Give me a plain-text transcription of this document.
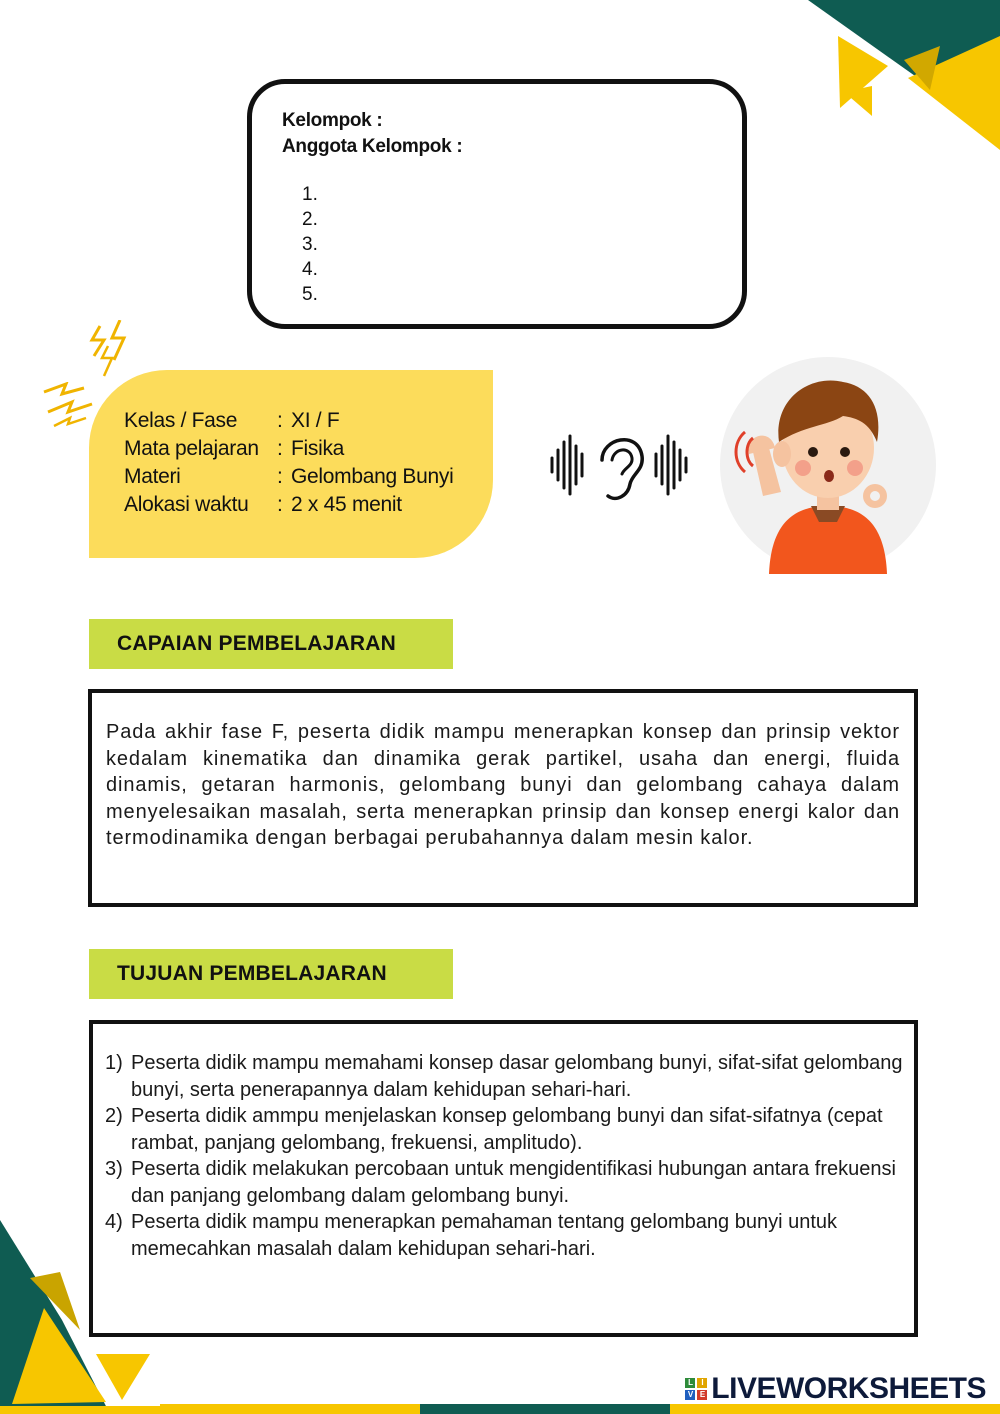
Kelompok :
Anggota Kelompok :
1.
2.
3.
4.
5.
Kelas / Fase : XI / F
Mata pelajaran : Fisika
Materi	: Gelombang Bunyi
Alokasi waktu : 2 x 45 menit
CAPAIAN PEMBELAJARAN

Pada akhir fase F, peserta didik mampu menerapkan konsep dan prinsip vektor kedalam kinematika dan dinamika gerak partikel, usaha dan energi, fluida dinamis, getaran harmonis, gelombang bunyi dan gelombang cahaya dalam menyelesaikan masalah, serta menerapkan prinsip dan konsep energi kalor dan termodinamika dengan berbagai perubahannya dalam mesin kalor.

TUJUAN PEMBELAJARAN
1) Peserta didik mampu memahami konsep dasar gelombang bunyi, sifat-sifat gelombang bunyi, serta penerapannya dalam kehidupan sehari-hari.
2) Peserta didik ammpu menjelaskan konsep gelombang bunyi dan sifat-sifatnya (cepat rambat, panjang gelombang, frekuensi, amplitudo).
3) Peserta didik melakukan percobaan untuk mengidentifikasi hubungan antara frekuensi dan panjang gelombang dalam gelombang bunyi.
4) Peserta didik mampu menerapkan pemahaman tentang gelombang bunyi untuk memecahkan masalah dalam kehidupan sehari-hari.
L	I
V E LIVEWORKSHEETS
